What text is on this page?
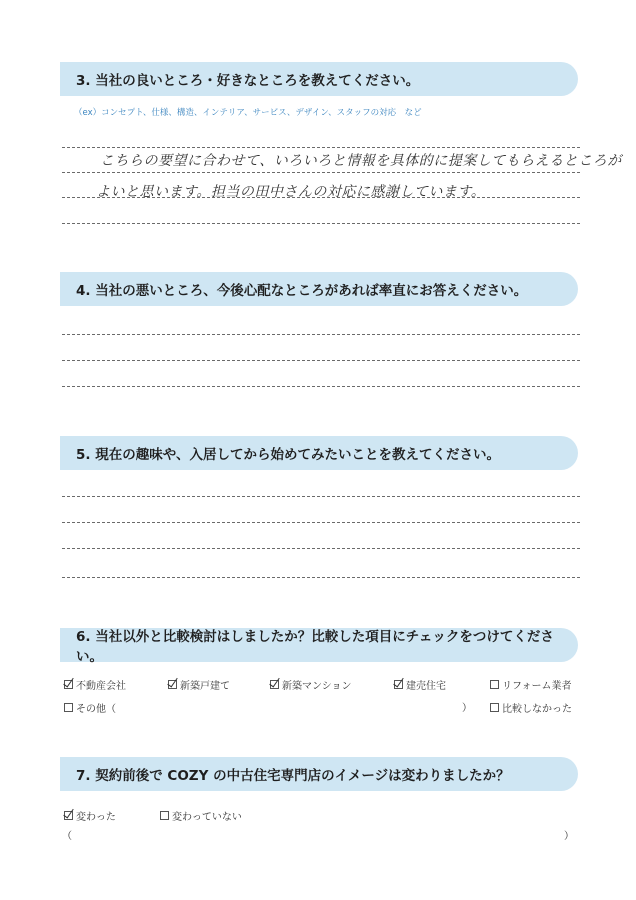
3. 当社の良いところ・好きなところを教えてください。
（ex）コンセプト、仕様、構造、インテリア、サービス、デザイン、スタッフの対応　など
こちらの要望に合わせて、いろいろと情報を具体的に提案してもらえるところが
よいと思います。担当の田中さんの対応に感謝しています。
4. 当社の悪いところ、今後心配なところがあれば率直にお答えください。
5. 現在の趣味や、入居してから始めてみたいことを教えてください。
6. 当社以外と比較検討はしましたか？比較した項目にチェックをつけてください。
不動産会社	新築戸建て	新築マンション	建売住宅	リフォーム業者
その他（	）	比較しなかった
7. 契約前後で COZY の中古住宅専門店のイメージは変わりましたか？
変わった	変わっていない
（	）
